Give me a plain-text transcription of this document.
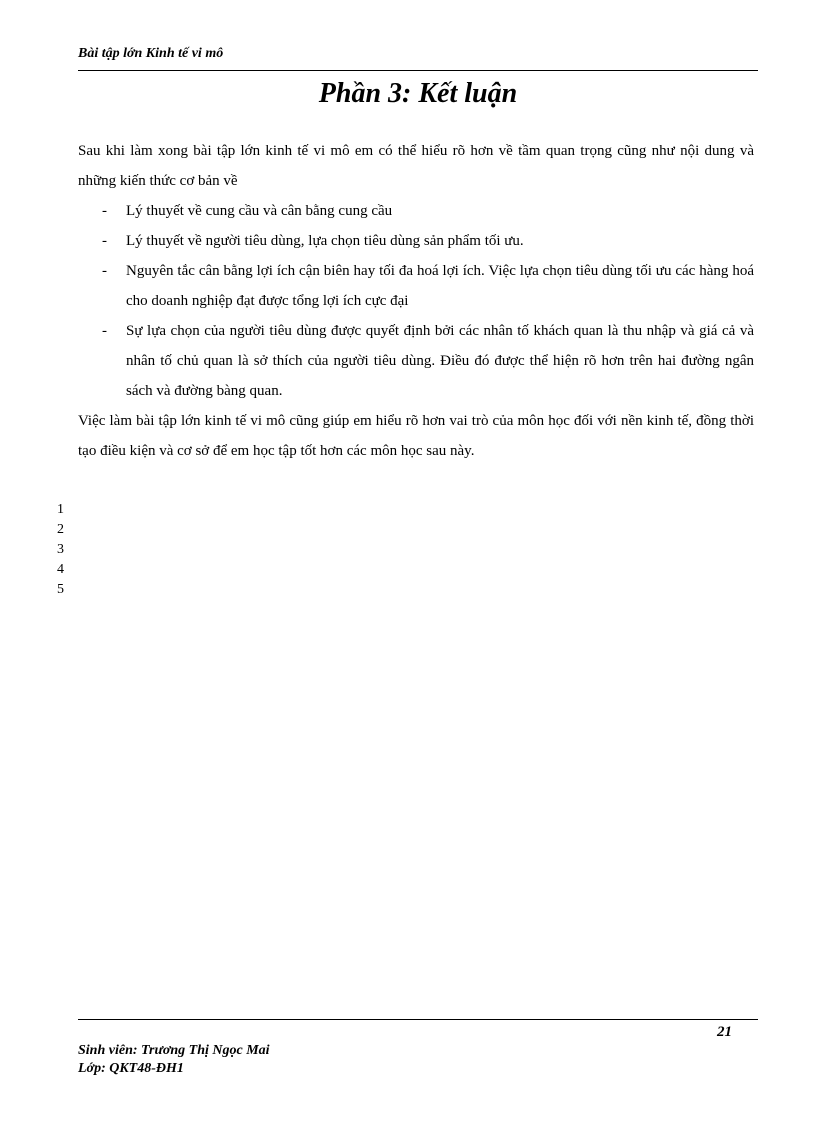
Bài tập lớn Kinh tế vi mô
Phần 3: Kết luận

Sau khi làm xong bài tập lớn kinh tế vi mô em có thể hiểu rõ hơn về tầm quan trọng cũng như nội dung và những kiến thức cơ bản về

- Lý thuyết về cung cầu và cân bằng cung cầu
- Lý thuyết về người tiêu dùng, lựa chọn tiêu dùng sản phẩm tối ưu.
- Nguyên tắc cân bằng lợi ích cận biên hay tối đa hoá lợi ích. Việc lựa chọn tiêu dùng tối ưu các hàng hoá cho doanh nghiệp đạt được tổng lợi ích cực đại
- Sự lựa chọn của người tiêu dùng được quyết định bởi các nhân tố khách quan là thu nhập và giá cả và nhân tố chủ quan là sở thích của người tiêu dùng. Điều đó được thể hiện rõ hơn trên hai đường ngân sách và đường bàng quan.

Việc làm bài tập lớn kinh tế vi mô cũng giúp em hiểu rõ hơn vai trò của môn học đối với nền kinh tế, đồng thời tạo điều kiện và cơ sở để em học tập tốt hơn các môn học sau này.

1
2
3
4
5
21
Sinh viên: Trương Thị Ngọc Mai
Lớp: QKT48-ĐH1
